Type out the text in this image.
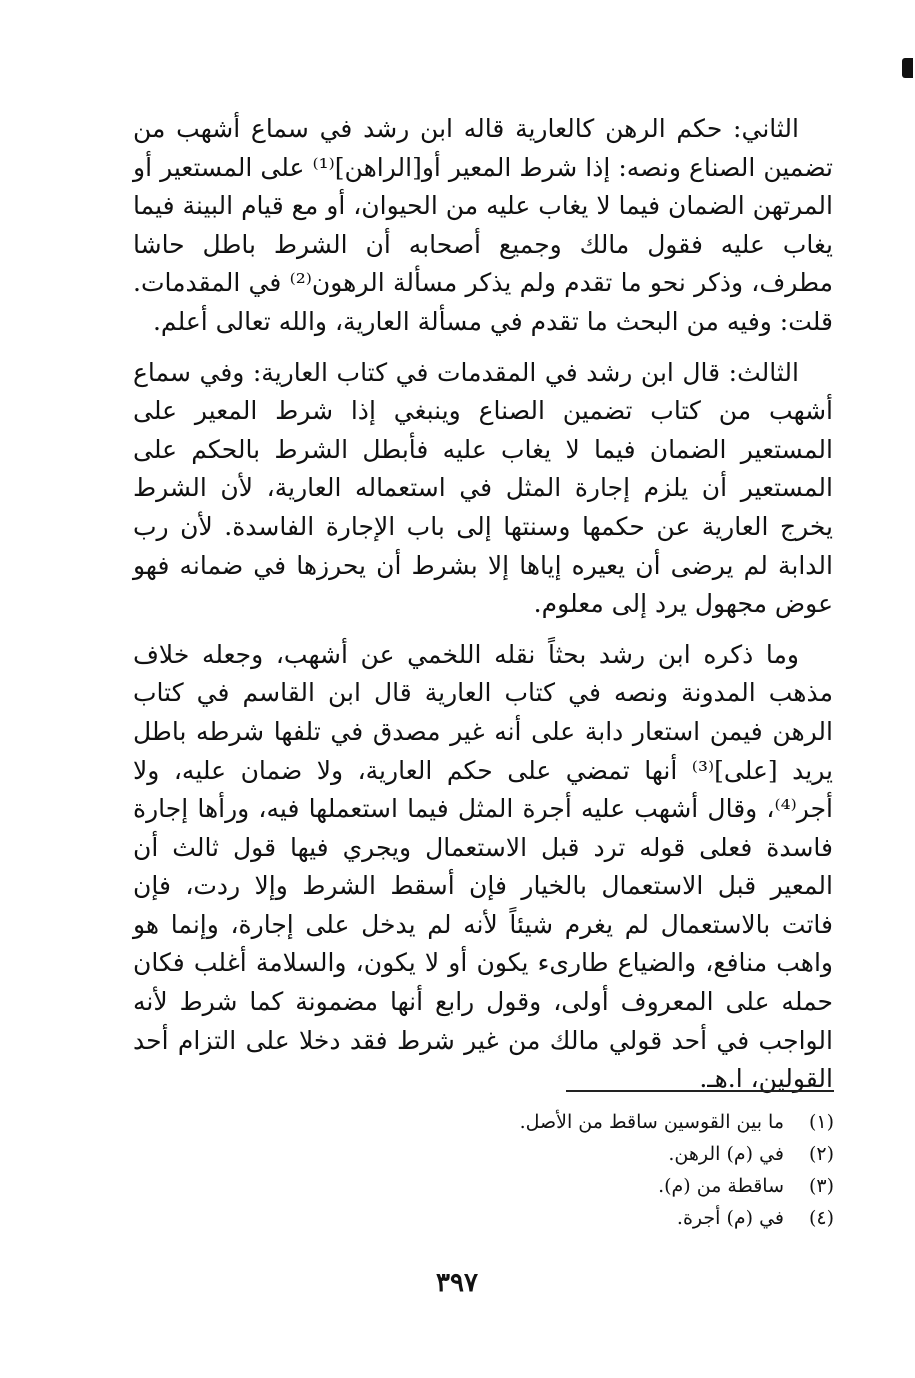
الثاني: حكم الرهن كالعارية قاله ابن رشد في سماع أشهب من تضمين الصناع ونصه: إذا شرط المعير أو[الراهن]⁽¹⁾ على المستعير أو المرتهن الضمان فيما لا يغاب عليه من الحيوان، أو مع قيام البينة فيما يغاب عليه فقول مالك وجميع أصحابه أن الشرط باطل حاشا مطرف، وذكر نحو ما تقدم ولم يذكر مسألة الرهون⁽²⁾ في المقدمات. قلت: وفيه من البحث ما تقدم في مسألة العارية، والله تعالى أعلم.

الثالث: قال ابن رشد في المقدمات في كتاب العارية: وفي سماع أشهب من كتاب تضمين الصناع وينبغي إذا شرط المعير على المستعير الضمان فيما لا يغاب عليه فأبطل الشرط بالحكم على المستعير أن يلزم إجارة المثل في استعماله العارية، لأن الشرط يخرج العارية عن حكمها وسنتها إلى باب الإجارة الفاسدة. لأن رب الدابة لم يرضى أن يعيره إياها إلا بشرط أن يحرزها في ضمانه فهو عوض مجهول يرد إلى معلوم.

وما ذكره ابن رشد بحثاً نقله اللخمي عن أشهب، وجعله خلاف مذهب المدونة ونصه في كتاب العارية قال ابن القاسم في كتاب الرهن فيمن استعار دابة على أنه غير مصدق في تلفها شرطه باطل يريد [على]⁽³⁾ أنها تمضي على حكم العارية، ولا ضمان عليه، ولا أجر⁽⁴⁾، وقال أشهب عليه أجرة المثل فيما استعملها فيه، ورأها إجارة فاسدة فعلى قوله ترد قبل الاستعمال ويجري فيها قول ثالث أن المعير قبل الاستعمال بالخيار فإن أسقط الشرط وإلا ردت، فإن فاتت بالاستعمال لم يغرم شيئاً لأنه لم يدخل على إجارة، وإنما هو واهب منافع، والضياع طارىء يكون أو لا يكون، والسلامة أغلب فكان حمله على المعروف أولى، وقول رابع أنها مضمونة كما شرط لأنه الواجب في أحد قولي مالك من غير شرط فقد دخلا على التزام أحد القولين، ا.هـ.

(١)ما بين القوسين ساقط من الأصل.
(٢)في (م) الرهن.
(٣)ساقطة من (م).
(٤)في (م) أجرة.
٣٩٧
